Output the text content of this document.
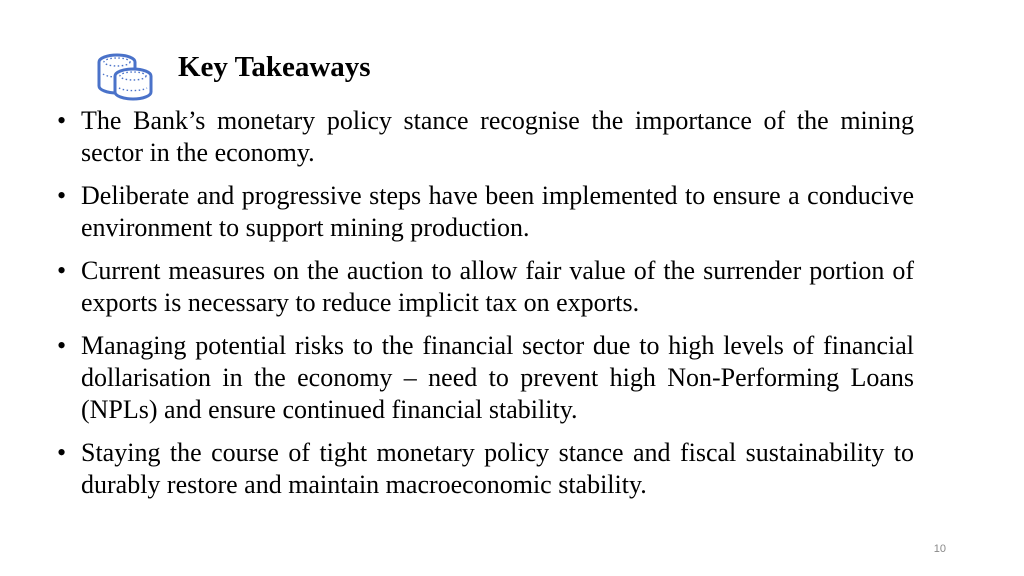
Key Takeaways
• The Bank’s monetary policy stance recognise the importance of the mining sector in the economy.
• Deliberate and progressive steps have been implemented to ensure a conducive environment to support mining production.
• Current measures on the auction to allow fair value of the surrender portion of exports is necessary to reduce implicit tax on exports.
• Managing potential risks to the financial sector due to high levels of financial dollarisation in the economy – need to prevent high Non-Performing Loans (NPLs) and ensure continued financial stability.
• Staying the course of tight monetary policy stance and fiscal sustainability to durably restore and maintain macroeconomic stability.
10
